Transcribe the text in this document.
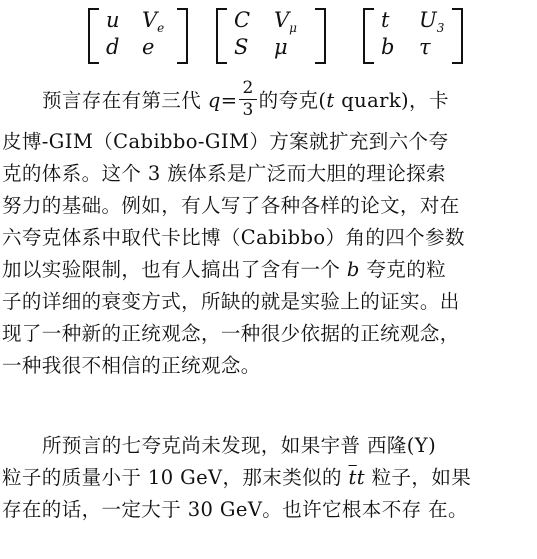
u $V_e$
d e
C $V_\mu$
S μ
t $U_3$
b τ
预言存在有第三代 $q= \frac{2}{3}$ 的夸克(t quark)，卡
皮博-GIM（Cabibbo-GIM）方案就扩充到六个夸
克的体系。这个 3 族体系是广泛而大胆的理论探索
努力的基础。例如，有人写了各种各样的论文，对在
六夸克体系中取代卡比博（Cabibbo）角的四个参数
加以实验限制，也有人搞出了含有一个 b 夸克的粒
子的详细的衰变方式，所缺的就是实验上的证实。出
现了一种新的正统观念，一种很少依据的正统观念，
一种我很不相信的正统观念。
所预言的七夸克尚未发现，如果宇普 西隆(Υ)
粒子的质量小于 10 GeV，那末类似的 $\overline{t}t$ 粒子，如果
存在的话，一定大于 30 GeV。也许它根本不存 在。
